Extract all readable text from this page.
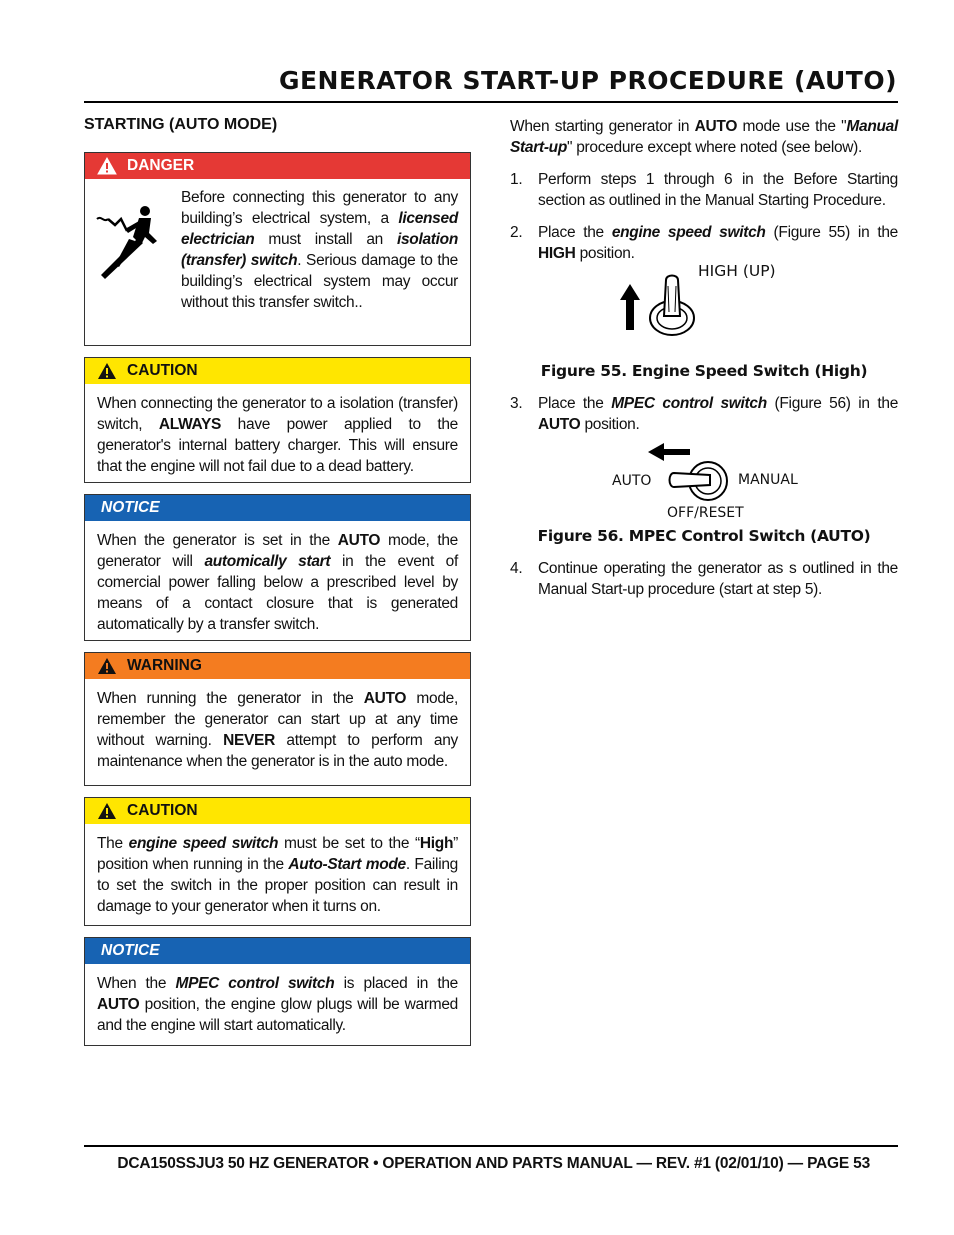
GENERATOR START-UP PROCEDURE (AUTO)
STARTING (AUTO MODE)
DANGER
Before connecting this generator to any building’s electrical system, a licensed electrician must install an isolation (transfer) switch. Serious damage to the building’s electrical system may occur without this transfer switch..
CAUTION
When connecting the generator to a isolation (transfer) switch, ALWAYS have power applied to the generator's internal battery charger. This will ensure that the engine will not fail due to a dead battery.
NOTICE
When the generator is set in the AUTO mode, the generator will automically start in the event of comercial power falling below a prescribed level by means of a contact closure that is generated automatically by a transfer switch.
WARNING
When running the generator in the AUTO mode, remember the generator can start up at any time without warning. NEVER attempt to perform any maintenance when the generator is in the auto mode.
CAUTION
The engine speed switch must be set to the “High” position when running in the Auto-Start mode. Failing to set the switch in the proper position can result in damage to your generator when it turns on.
NOTICE
When the MPEC control switch is placed in the AUTO position, the engine glow plugs will be warmed and the engine will start automatically.

When starting generator in AUTO mode use the "Manual Start-up" procedure except where noted (see below).

1.	Perform steps 1 through 6 in the Before Starting section as outlined in the Manual Starting Procedure.
2.	Place the engine speed switch (Figure 55) in the HIGH position.
HIGH (UP)
Figure 55. Engine Speed Switch (High)
3.	Place the MPEC control switch (Figure 56) in the AUTO position.
AUTO	MANUAL
OFF/RESET
Figure 56. MPEC Control Switch (AUTO)
4.	Continue operating the generator as s outlined in the Manual Start-up procedure (start at step 5).
DCA150SSJU3 50 HZ GENERATOR • OPERATION AND PARTS MANUAL — REV. #1 (02/01/10) — PAGE 53
